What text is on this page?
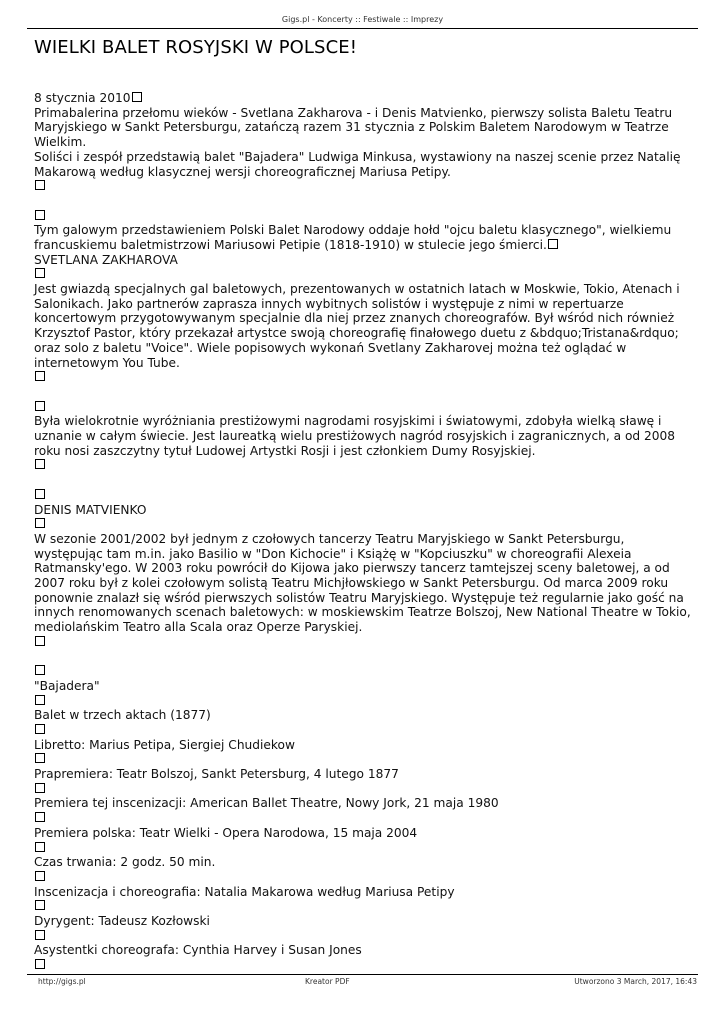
Gigs.pl - Koncerty :: Festiwale :: Imprezy
WIELKI BALET ROSYJSKI W POLSCE!

8 stycznia 2010

Primabalerina przełomu wieków - Svetlana Zakharova - i Denis Matvienko, pierwszy solista Baletu Teatru Maryjskiego w Sankt Petersburgu, zatańczą razem 31 stycznia z Polskim Baletem Narodowym w Teatrze Wielkim.

Soliści i zespół przedstawią balet "Bajadera" Ludwiga Minkusa, wystawiony na naszej scenie przez Natalię Makarową według klasycznej wersji choreograficznej Mariusa Petipy.

Tym galowym przedstawieniem Polski Balet Narodowy oddaje hołd "ojcu baletu klasycznego", wielkiemu francuskiemu baletmistrzowi Mariusowi Petipie (1818-1910) w stulecie jego śmierci.

SVETLANA ZAKHAROVA

Jest gwiazdą specjalnych gal baletowych, prezentowanych w ostatnich latach w Moskwie, Tokio, Atenach i Salonikach. Jako partnerów zaprasza innych wybitnych solistów i występuje z nimi w repertuarze koncertowym przygotowywanym specjalnie dla niej przez znanych choreografów. Był wśród nich również Krzysztof Pastor, który przekazał artystce swoją choreografię finałowego duetu z &bdquo;Tristana&rdquo; oraz solo z baletu "Voice". Wiele popisowych wykonań Svetlany Zakharovej można też oglądać w internetowym You Tube.

Była wielokrotnie wyróżniania prestiżowymi nagrodami rosyjskimi i światowymi, zdobyła wielką sławę i uznanie w całym świecie. Jest laureatką wielu prestiżowych nagród rosyjskich i zagranicznych, a od 2008 roku nosi zaszczytny tytuł Ludowej Artystki Rosji i jest członkiem Dumy Rosyjskiej.

DENIS MATVIENKO

W sezonie 2001/2002 był jednym z czołowych tancerzy Teatru Maryjskiego w Sankt Petersburgu, występując tam m.in. jako Basilio w "Don Kichocie" i Książę w "Kopciuszku" w choreografii Alexeia Ratmansky'ego. W 2003 roku powrócił do Kijowa jako pierwszy tancerz tamtejszej sceny baletowej, a od 2007 roku był z kolei czołowym solistą Teatru Michjłowskiego w Sankt Petersburgu. Od marca 2009 roku ponownie znalazł się wśród pierwszych solistów Teatru Maryjskiego. Występuje też regularnie jako gość na innych renomowanych scenach baletowych: w moskiewskim Teatrze Bolszoj, New National Theatre w Tokio, mediolańskim Teatro alla Scala oraz Operze Paryskiej.

"Bajadera"

Balet w trzech aktach (1877)

Libretto: Marius Petipa, Siergiej Chudiekow

Prapremiera: Teatr Bolszoj, Sankt Petersburg, 4 lutego 1877

Premiera tej inscenizacji: American Ballet Theatre, Nowy Jork, 21 maja 1980

Premiera polska: Teatr Wielki - Opera Narodowa, 15 maja 2004

Czas trwania: 2 godz. 50 min.

Inscenizacja i choreografia: Natalia Makarowa według Mariusa Petipy

Dyrygent: Tadeusz Kozłowski

Asystentki choreografa: Cynthia Harvey i Susan Jones

http://gigs.pl	Kreator PDF	Utworzono 3 March, 2017, 16:43
